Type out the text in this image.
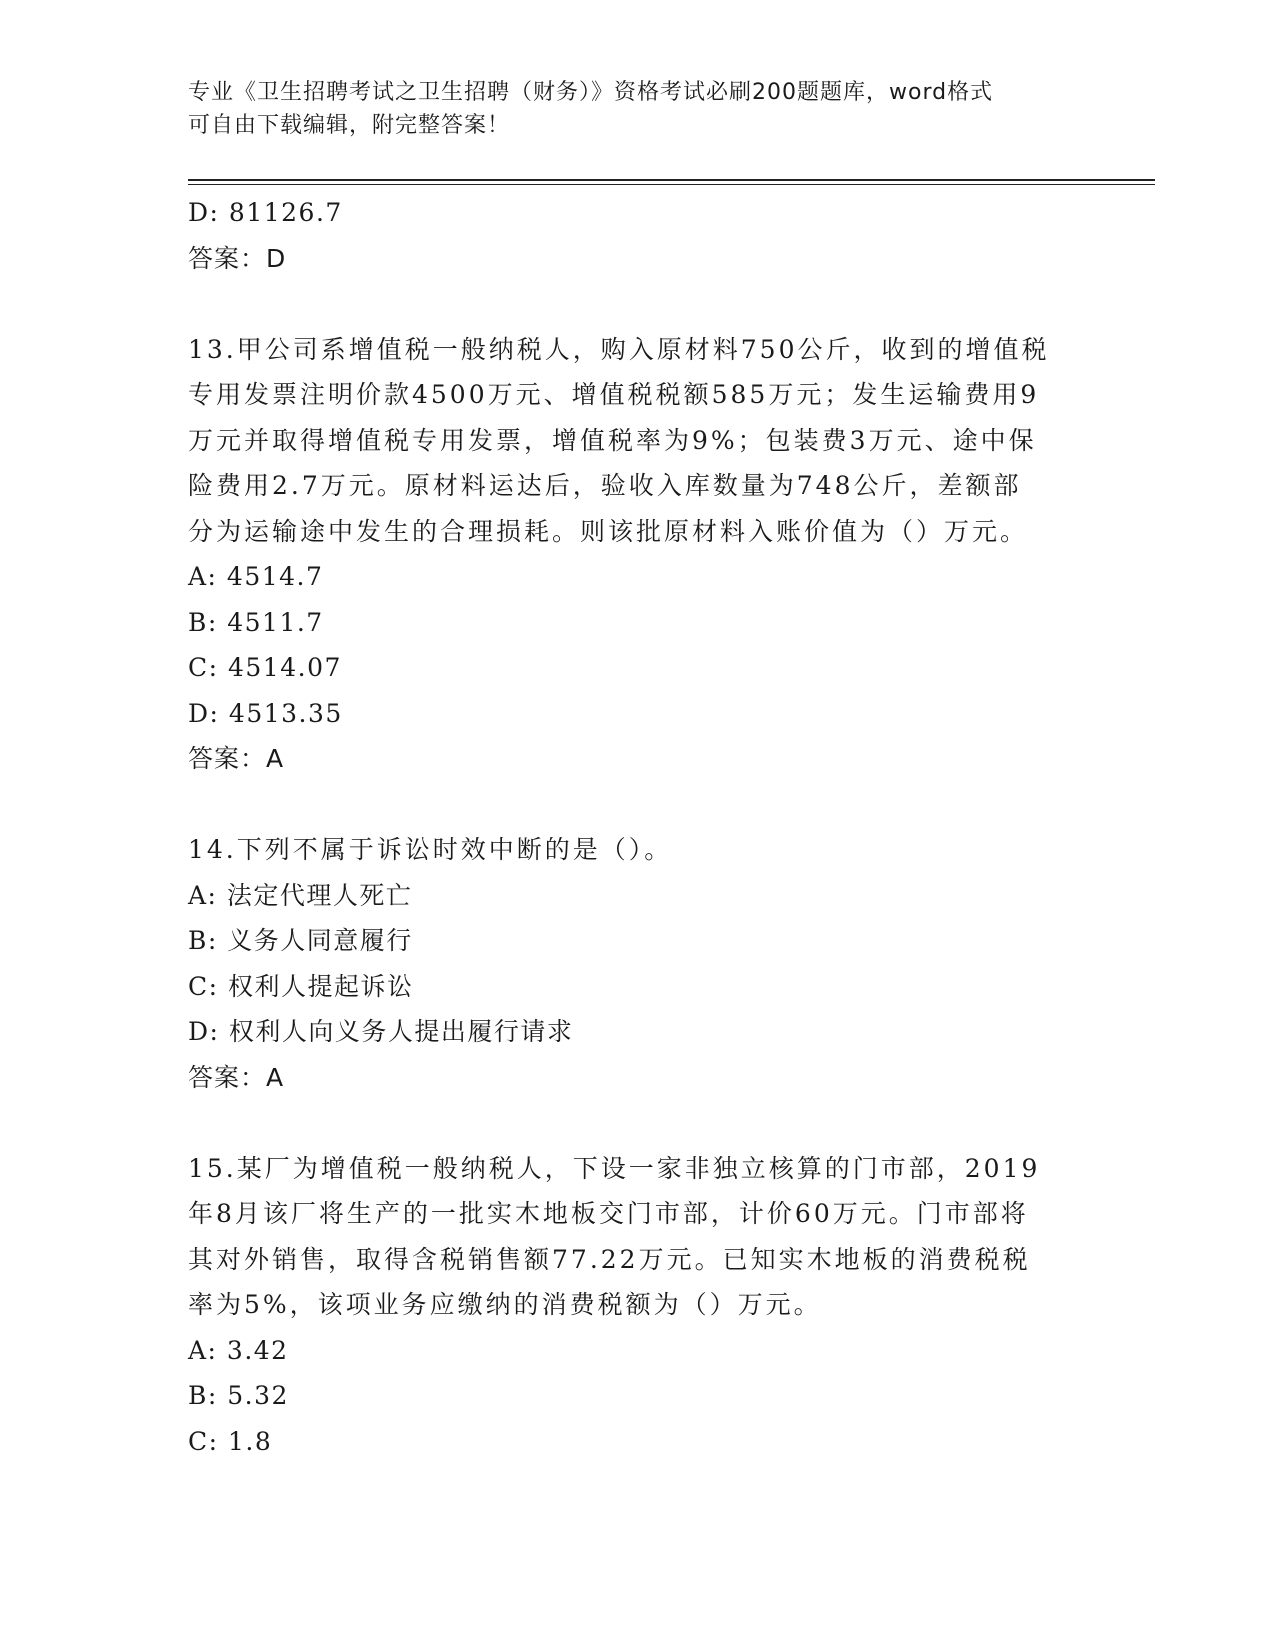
专业《卫生招聘考试之卫生招聘（财务）》资格考试必刷200题题库，word格式
可自由下载编辑，附完整答案！
D: 81126.7
答案：D
13.甲公司系增值税一般纳税人，购入原材料750公斤，收到的增值税
专用发票注明价款4500万元、增值税税额585万元；发生运输费用9
万元并取得增值税专用发票，增值税率为9%；包装费3万元、途中保
险费用2.7万元。原材料运达后，验收入库数量为748公斤，差额部
分为运输途中发生的合理损耗。则该批原材料入账价值为（）万元。
A: 4514.7
B: 4511.7
C: 4514.07
D: 4513.35
答案：A
14.下列不属于诉讼时效中断的是（）。
A: 法定代理人死亡
B: 义务人同意履行
C: 权利人提起诉讼
D: 权利人向义务人提出履行请求
答案：A
15.某厂为增值税一般纳税人，下设一家非独立核算的门市部，2019
年8月该厂将生产的一批实木地板交门市部，计价60万元。门市部将
其对外销售，取得含税销售额77.22万元。已知实木地板的消费税税
率为5%，该项业务应缴纳的消费税额为（）万元。
A: 3.42
B: 5.32
C: 1.8
